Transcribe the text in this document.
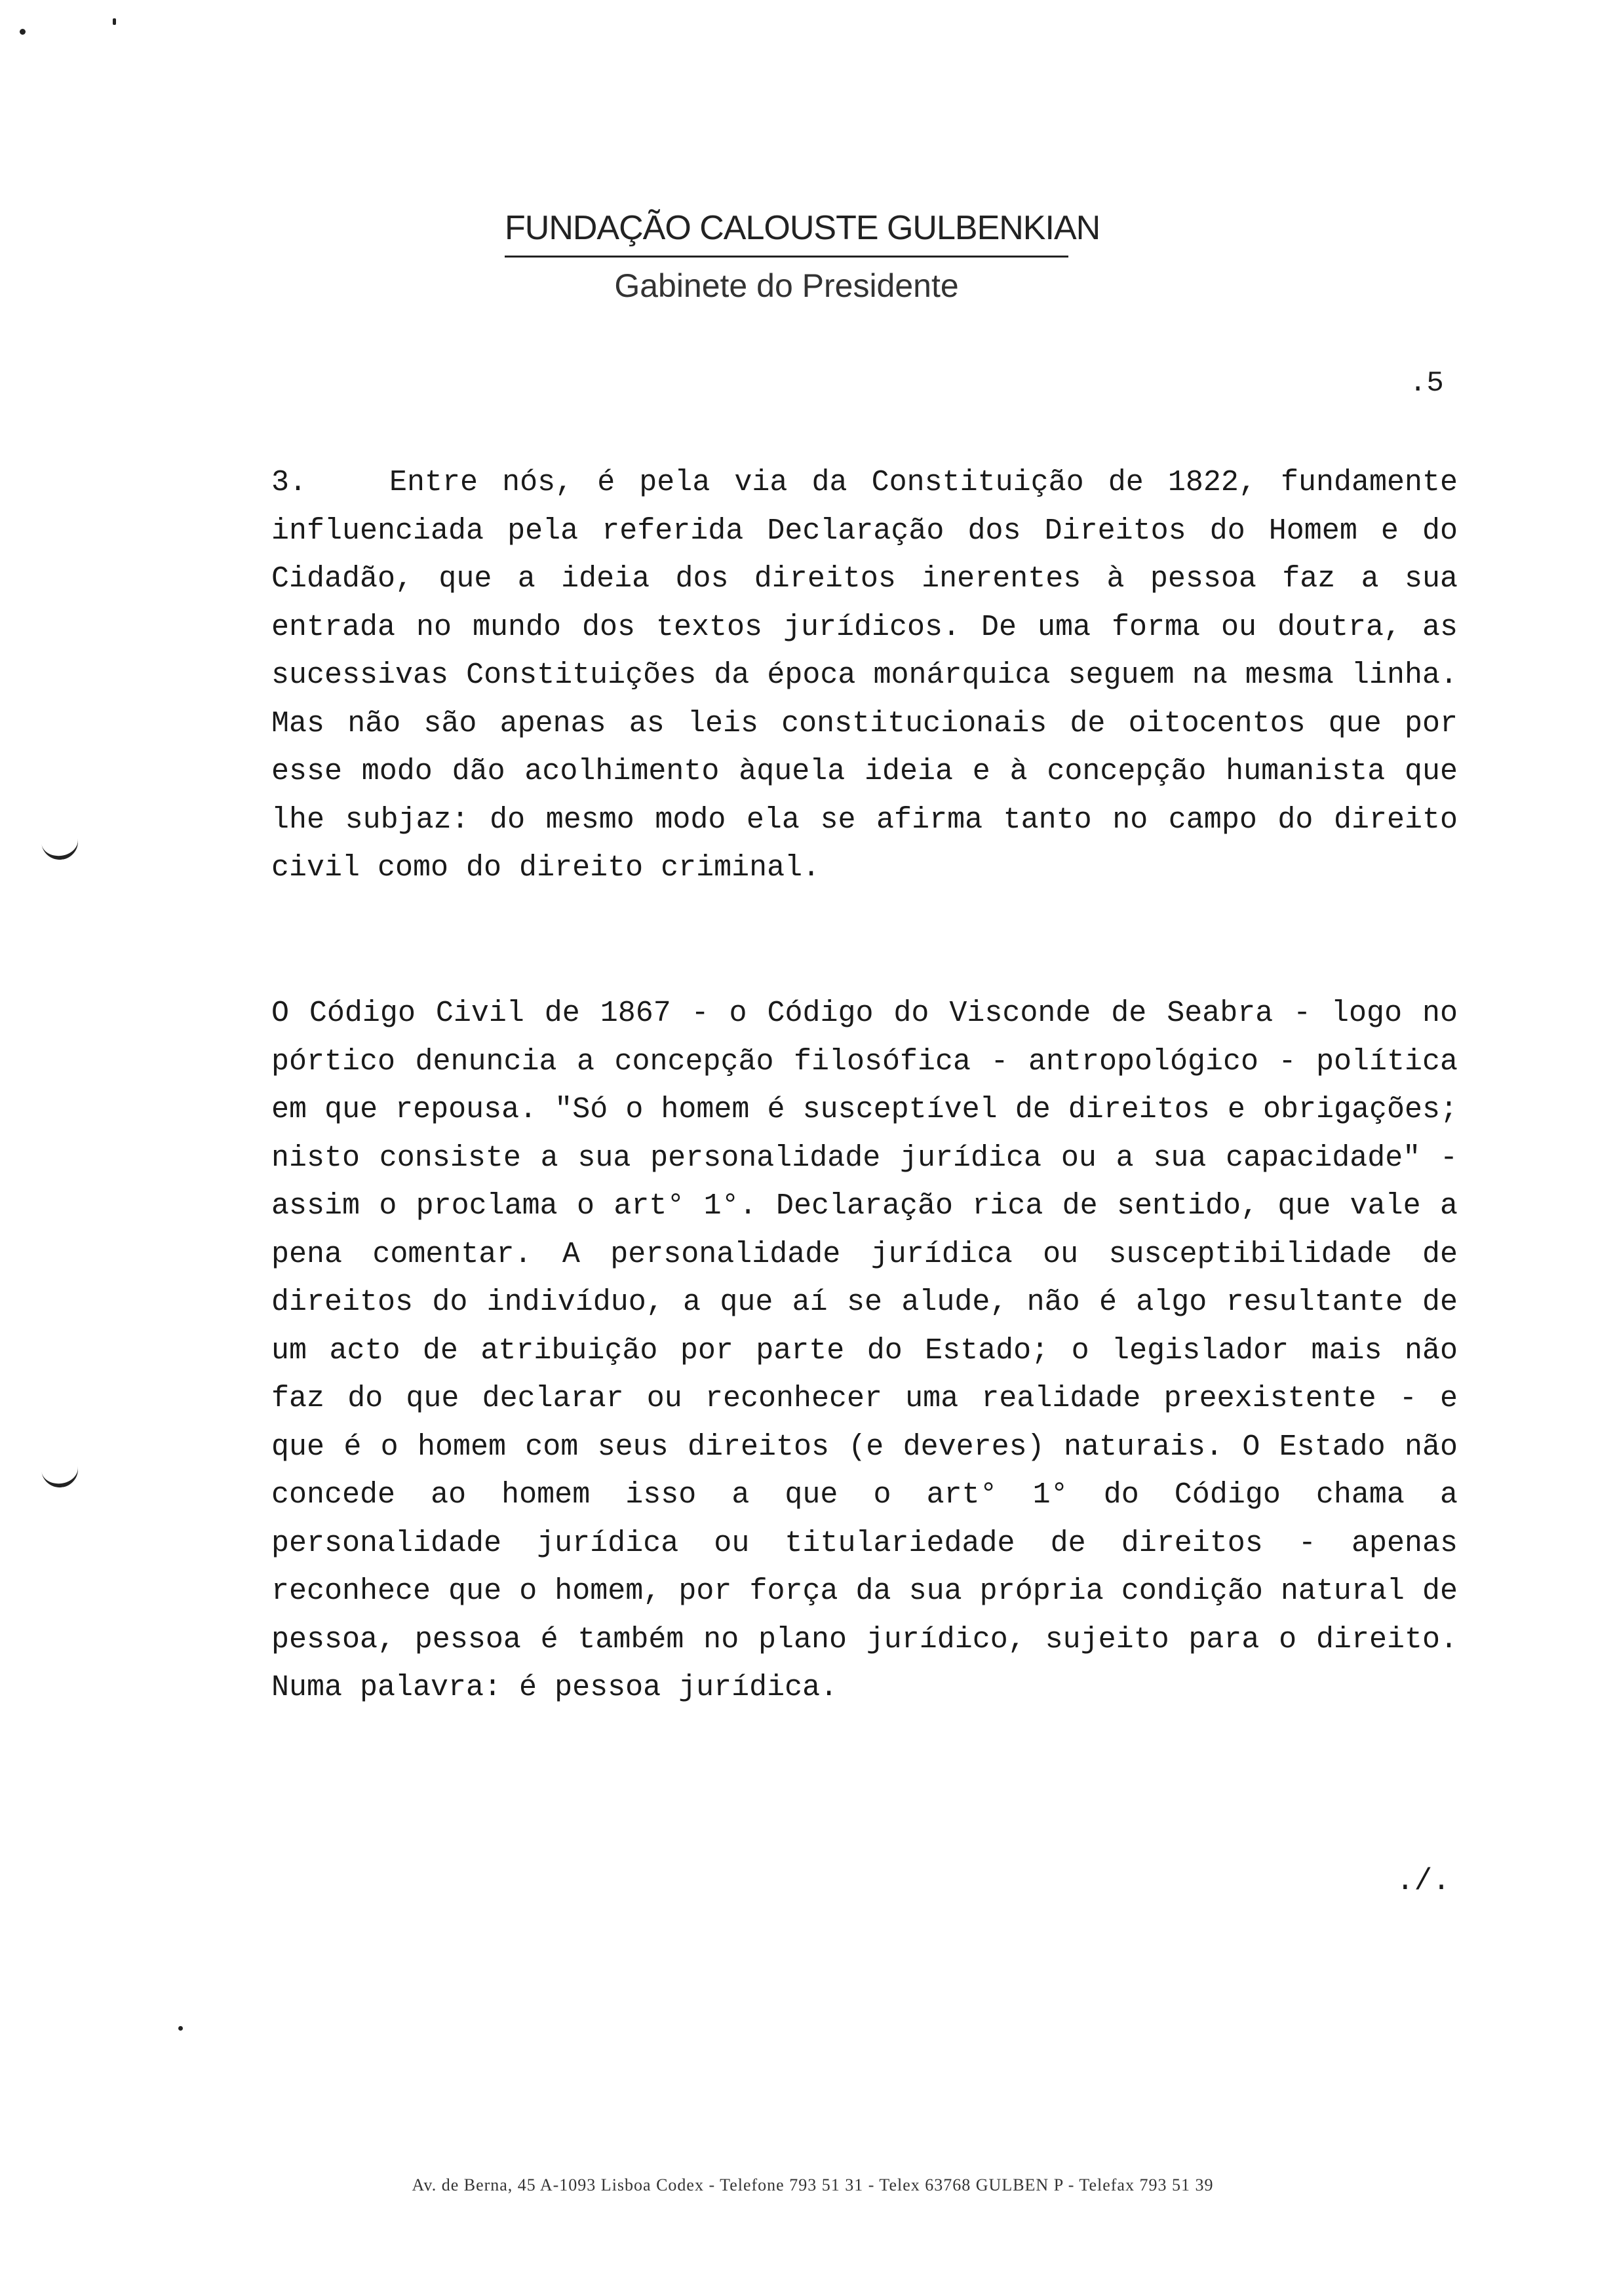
FUNDAÇÃO CALOUSTE GULBENKIAN
Gabinete do Presidente
.5
3.	Entre nós, é pela via da Constituição de 1822, fundamente influenciada pela referida Declaração dos Direitos do Homem e do Cidadão, que a ideia dos direitos inerentes à pessoa faz a sua entrada no mundo dos textos jurídicos. De uma forma ou doutra, as sucessivas Constituições da época monárquica seguem na mesma linha. Mas não são apenas as leis constitucionais de oitocentos que por esse modo dão acolhimento àquela ideia e à concepção humanista que lhe subjaz: do mesmo modo ela se afirma tanto no campo do direito civil como do direito criminal.
O Código Civil de 1867 - o Código do Visconde de Seabra - logo no pórtico denuncia a concepção filosófica - antropológico - política em que repousa. "Só o homem é susceptível de direitos e obrigações; nisto consiste a sua personalidade jurídica ou a sua capacidade" - assim o proclama o art° 1°. Declaração rica de sentido, que vale a pena comentar. A personalidade jurídica ou susceptibilidade de direitos do indivíduo, a que aí se alude, não é algo resultante de um acto de atribuição por parte do Estado; o legislador mais não faz do que declarar ou reconhecer uma realidade preexistente - e que é o homem com seus direitos (e deveres) naturais. O Estado não concede ao homem isso a que o art° 1° do Código chama a personalidade jurídica ou titulariedade de direitos - apenas reconhece que o homem, por força da sua própria condição natural de pessoa, pessoa é também no plano jurídico, sujeito para o direito. Numa palavra: é pessoa jurídica.
./.
Av. de Berna, 45 A-1093 Lisboa Codex - Telefone 793 51 31 - Telex 63768 GULBEN P - Telefax 793 51 39
